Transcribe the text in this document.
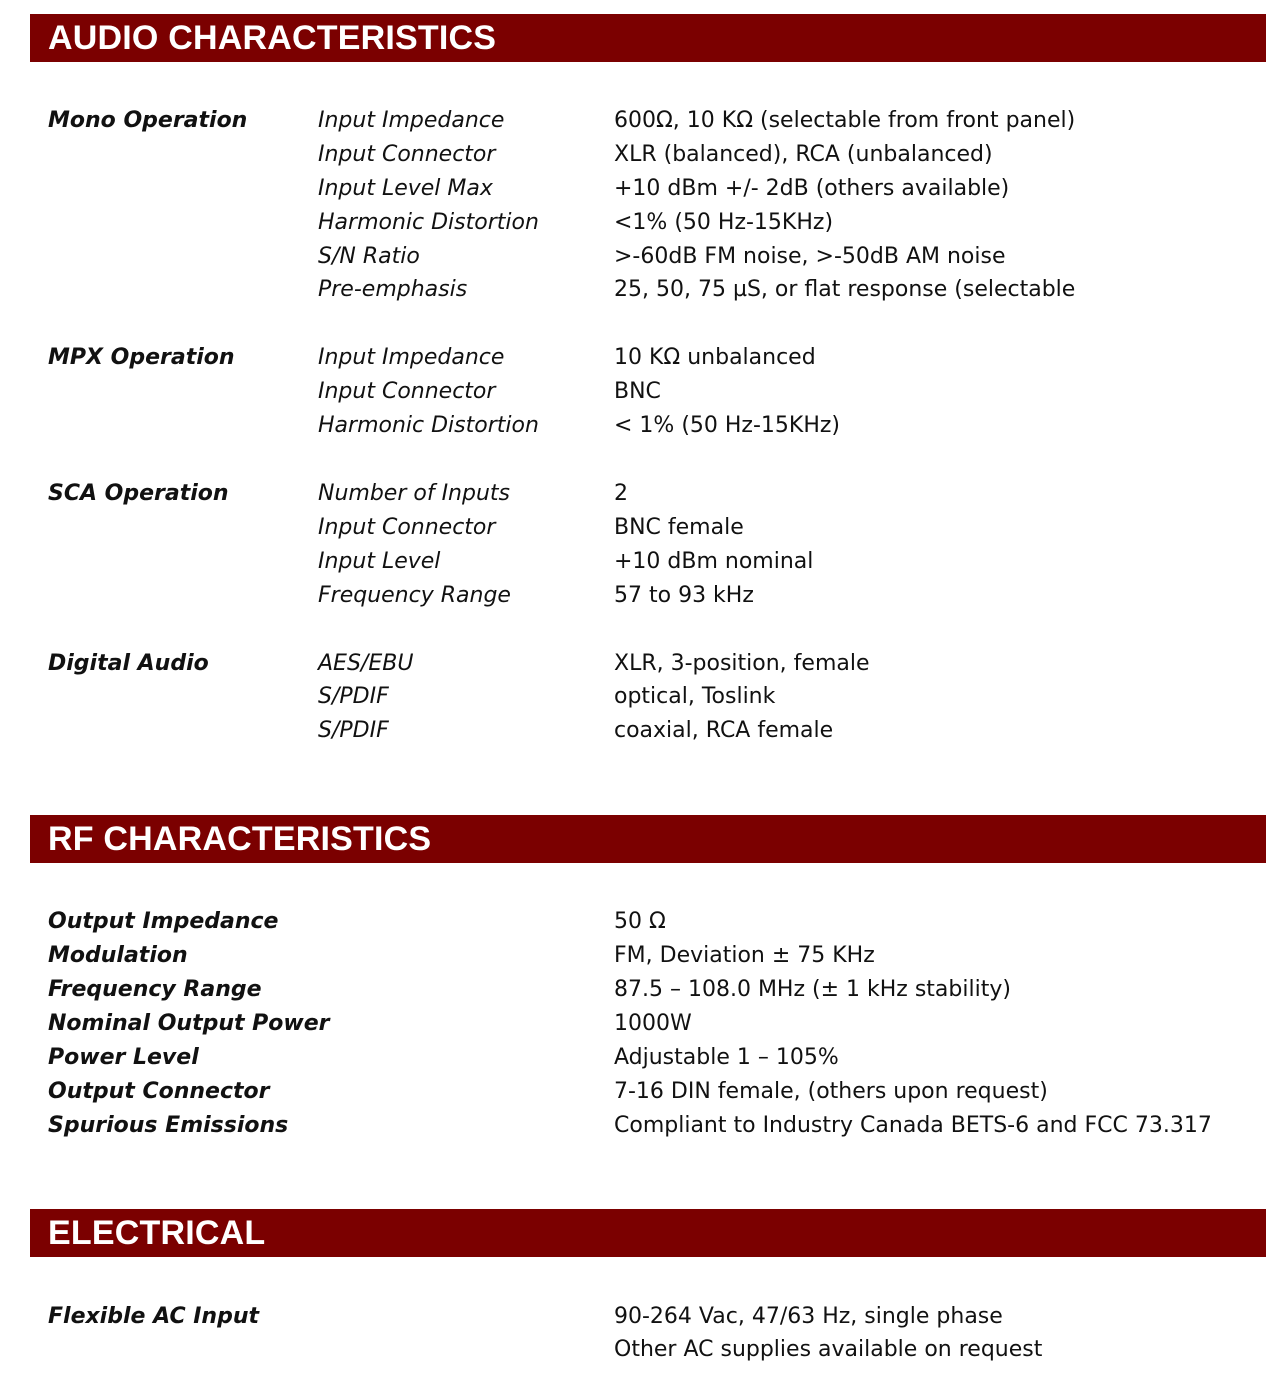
AUDIO CHARACTERISTICS
Mono Operation	Input Impedance	600Ω, 10 KΩ (selectable from front panel)
Input Connector	XLR (balanced), RCA (unbalanced)
Input Level Max	+10 dBm +/- 2dB (others available)
Harmonic Distortion	<1% (50 Hz-15KHz)
S/N Ratio	>-60dB FM noise, >-50dB AM noise
Pre-emphasis	25, 50, 75 µS, or flat response (selectable
MPX Operation	Input Impedance	10 KΩ unbalanced
Input Connector	BNC
Harmonic Distortion	< 1% (50 Hz-15KHz)
SCA Operation	Number of Inputs	2
Input Connector	BNC female
Input Level	+10 dBm nominal
Frequency Range	57 to 93 kHz
Digital Audio	AES/EBU	XLR, 3-position, female
S/PDIF	optical, Toslink
S/PDIF	coaxial, RCA female
RF CHARACTERISTICS
Output Impedance	50 Ω
Modulation	FM, Deviation ± 75 KHz
Frequency Range	87.5 – 108.0 MHz (± 1 kHz stability)
Nominal Output Power	1000W
Power Level	Adjustable 1 – 105%
Output Connector	7-16 DIN female, (others upon request)
Spurious Emissions	Compliant to Industry Canada BETS-6 and FCC 73.317
ELECTRICAL
Flexible AC Input	90-264 Vac, 47/63 Hz, single phase
Other AC supplies available on request
